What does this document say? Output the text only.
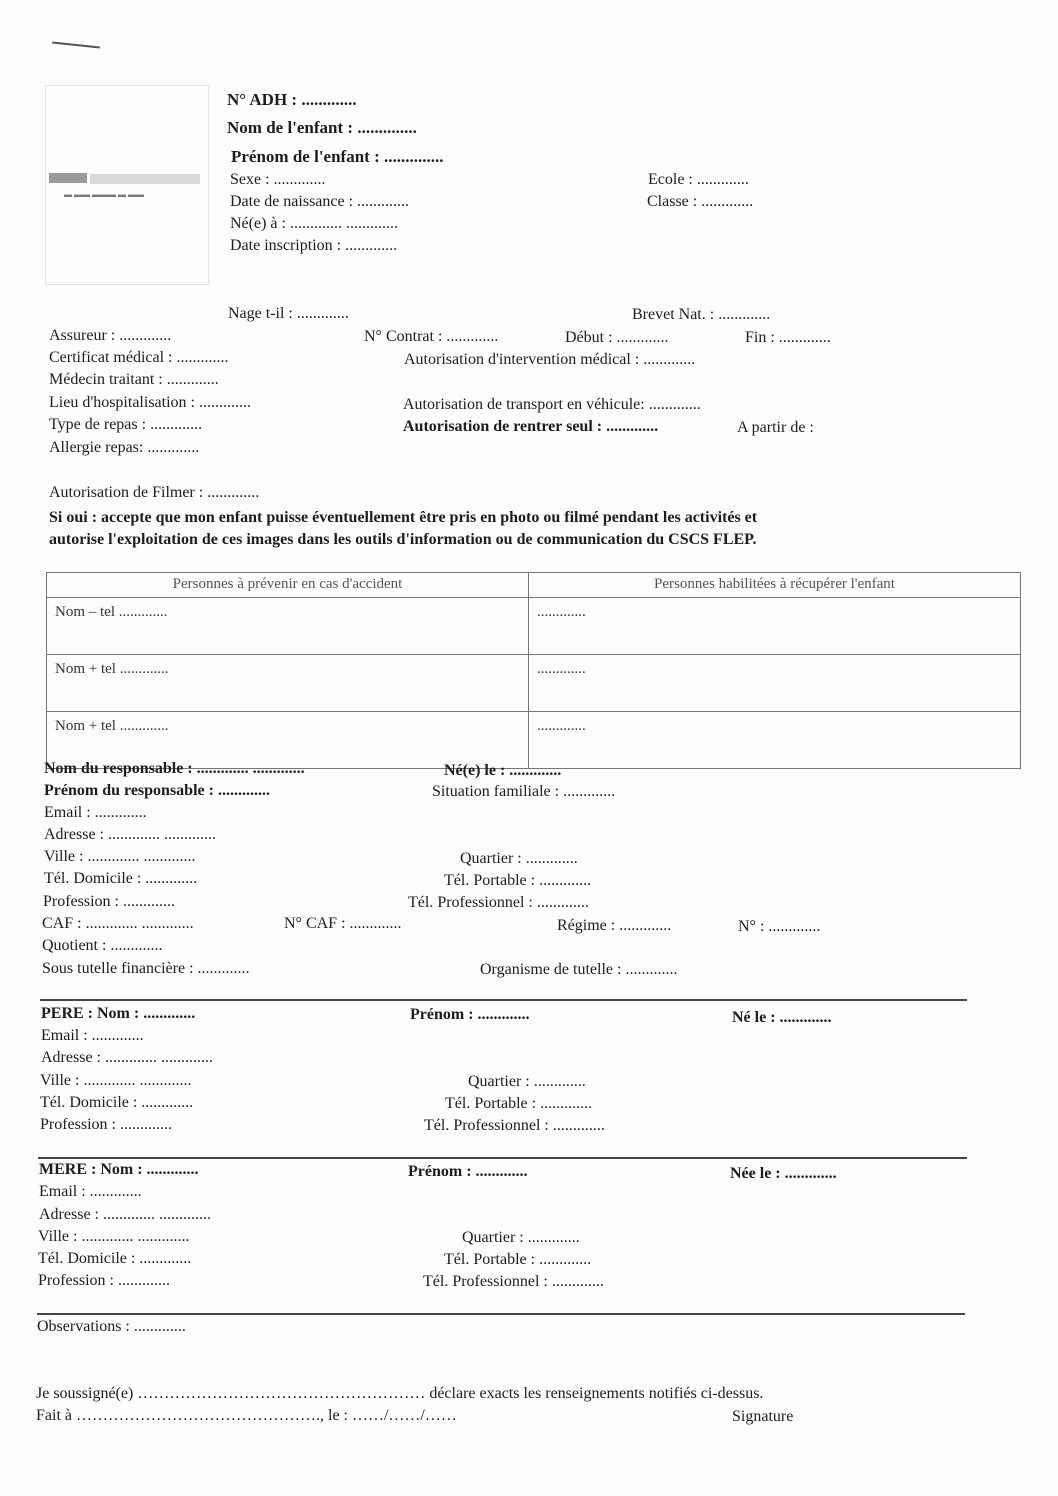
▬ ▬▬ ▬▬▬ ▬ ▬▬
N° ADH : .............
Nom de l'enfant : ..............
Prénom de l'enfant : ..............
Sexe : .............	Ecole : .............
Date de naissance : .............	Classe : .............
Né(e) à : ............. .............
Date inscription : .............
Nage t-il : .............	Brevet Nat. : .............
Assureur : .............	N° Contrat : .............	Début : .............	Fin : .............
Certificat médical : .............	Autorisation d'intervention médical : .............
Médecin traitant : .............
Lieu d'hospitalisation : .............	Autorisation de transport en véhicule: .............
Type de repas : .............	Autorisation de rentrer seul : .............	A partir de :
Allergie repas: .............
Autorisation de Filmer : .............
Si oui : accepte que mon enfant puisse éventuellement être pris en photo ou filmé pendant les activités et
autorise l'exploitation de ces images dans les outils d'information ou de communication du CSCS FLEP.
Personnes à prévenir en cas d'accident	Personnes habilitées à récupérer l'enfant
Nom – tel .............	.............
Nom + tel .............	.............
Nom + tel .............	.............
Nom du responsable : ............. .............	Né(e) le : .............
Prénom du responsable : .............	Situation familiale : .............
Email : .............
Adresse : ............. .............
Ville : ............. .............	Quartier : .............
Tél. Domicile : .............	Tél. Portable : .............
Profession : .............	Tél. Professionnel : .............
CAF : ............. .............	N° CAF : .............	Régime : .............	N° : .............
Quotient : .............
Sous tutelle financière : .............	Organisme de tutelle : .............
PERE : Nom : .............	Prénom : .............	Né le : .............
Email : .............
Adresse : ............. .............
Ville : ............. .............	Quartier : .............
Tél. Domicile : .............	Tél. Portable : .............
Profession : .............	Tél. Professionnel : .............
MERE : Nom : .............	Prénom : .............	Née le : .............
Email : .............
Adresse : ............. .............
Ville : ............. .............	Quartier : .............
Tél. Domicile : .............	Tél. Portable : .............
Profession : .............	Tél. Professionnel : .............
Observations : .............
Je soussigné(e) ……………………………………………… déclare exacts les renseignements notifiés ci-dessus.
Fait à ………………………………………., le : ……/……/……	Signature
